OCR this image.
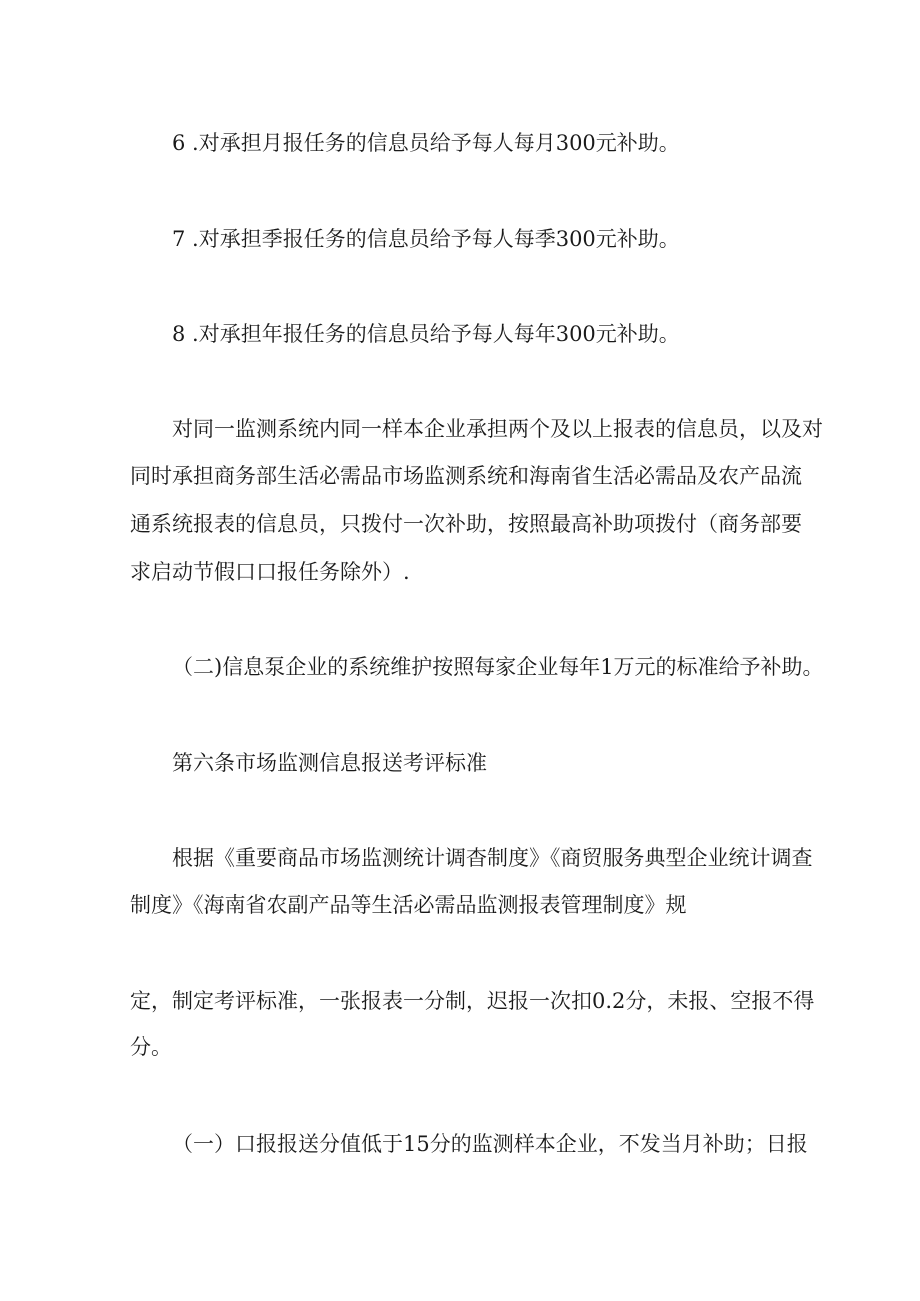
6 .对承担月报任务的信息员给予每人每月300元补助。

7 .对承担季报任务的信息员给予每人每季300元补助。

8 .对承担年报任务的信息员给予每人每年300元补助。

对同一监测系统内同一样本企业承担两个及以上报表的信息员，以及对

同时承担商务部生活必需品市场监测系统和海南省生活必需品及农产品流

通系统报表的信息员，只拨付一次补助，按照最高补助项拨付（商务部要

求启动节假口口报任务除外）.

（二)信息泵企业的系统维护按照每家企业每年1万元的标准给予补助。

第六条市场监测信息报送考评标准

根据《重要商品市场监测统计调杳制度》《商贸服务典型企业统计调查

制度》《海南省农副产品等生活必需品监测报表管理制度》规

定，制定考评标准，一张报表一分制，迟报一次扣0.2分，未报、空报不得

分。

（一）口报报送分值低于15分的监测样本企业，不发当月补助；日报
